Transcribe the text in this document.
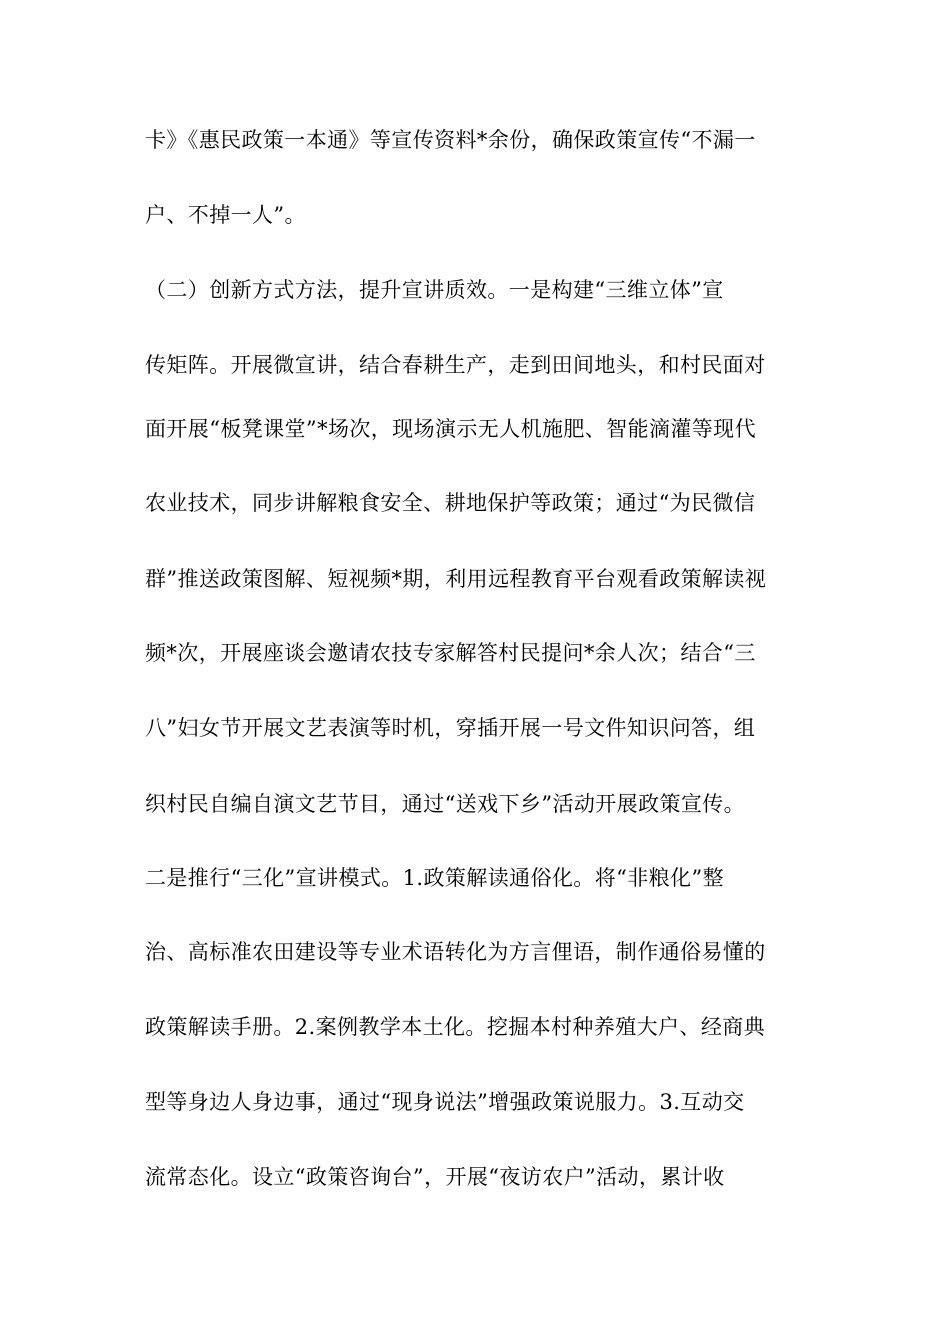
卡》《惠民政策一本通》等宣传资料*余份，确保政策宣传“不漏一
户、不掉一人”。
（二）创新方式方法，提升宣讲质效。一是构建“三维立体”宣
传矩阵。开展微宣讲，结合春耕生产，走到田间地头，和村民面对
面开展“板凳课堂”*场次，现场演示无人机施肥、智能滴灌等现代
农业技术，同步讲解粮食安全、耕地保护等政策；通过“为民微信
群”推送政策图解、短视频*期，利用远程教育平台观看政策解读视
频*次，开展座谈会邀请农技专家解答村民提问*余人次；结合“三
八”妇女节开展文艺表演等时机，穿插开展一号文件知识问答，组
织村民自编自演文艺节目，通过“送戏下乡”活动开展政策宣传。
二是推行“三化”宣讲模式。1.政策解读通俗化。将“非粮化”整
治、高标准农田建设等专业术语转化为方言俚语，制作通俗易懂的
政策解读手册。2.案例教学本土化。挖掘本村种养殖大户、经商典
型等身边人身边事，通过“现身说法”增强政策说服力。3.互动交
流常态化。设立“政策咨询台”，开展“夜访农户”活动，累计收
